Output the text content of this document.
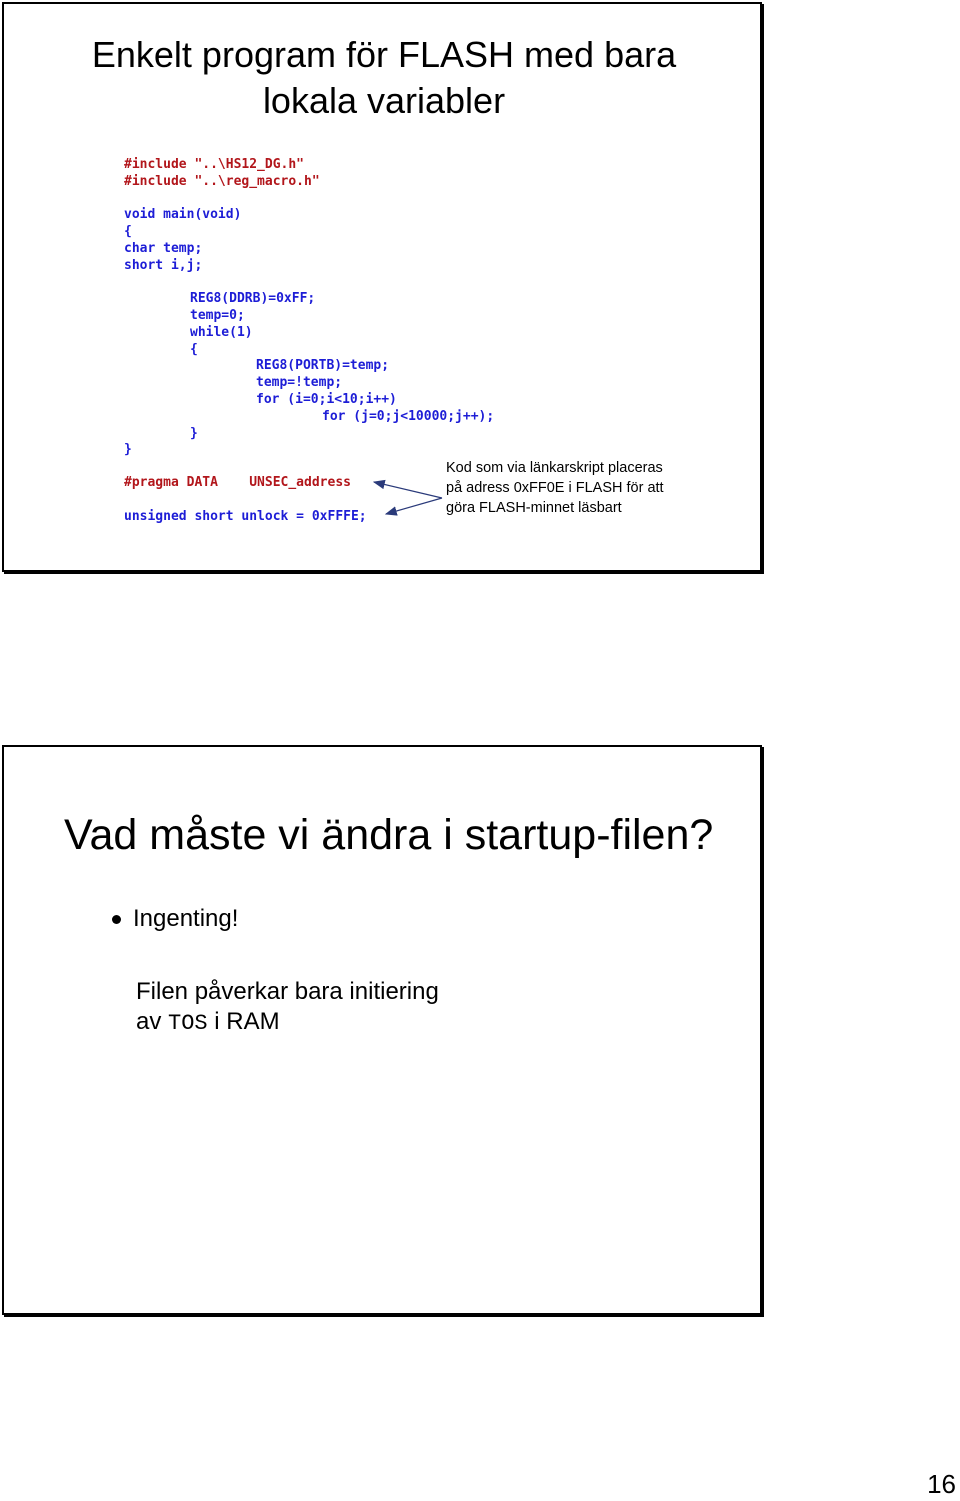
Enkelt program för FLASH med bara
lokala variabler

#include "..\HS12_DG.h"

#include "..\reg_macro.h"

void main(void)

{

char temp;

short i,j;

REG8(DDRB)=0xFF;

temp=0;

while(1)

{

REG8(PORTB)=temp;

temp=!temp;

for (i=0;i<10;i++)

for (j=0;j<10000;j++);

}

}

#pragma DATA    UNSEC_address

unsigned short unlock = 0xFFFE;

Kod som via länkarskript placeras
på adress 0xFF0E i FLASH för att
göra FLASH-minnet läsbart
Vad måste vi ändra i startup-filen?
Ingenting!
Filen påverkar bara initiering
av TOS i RAM
16
